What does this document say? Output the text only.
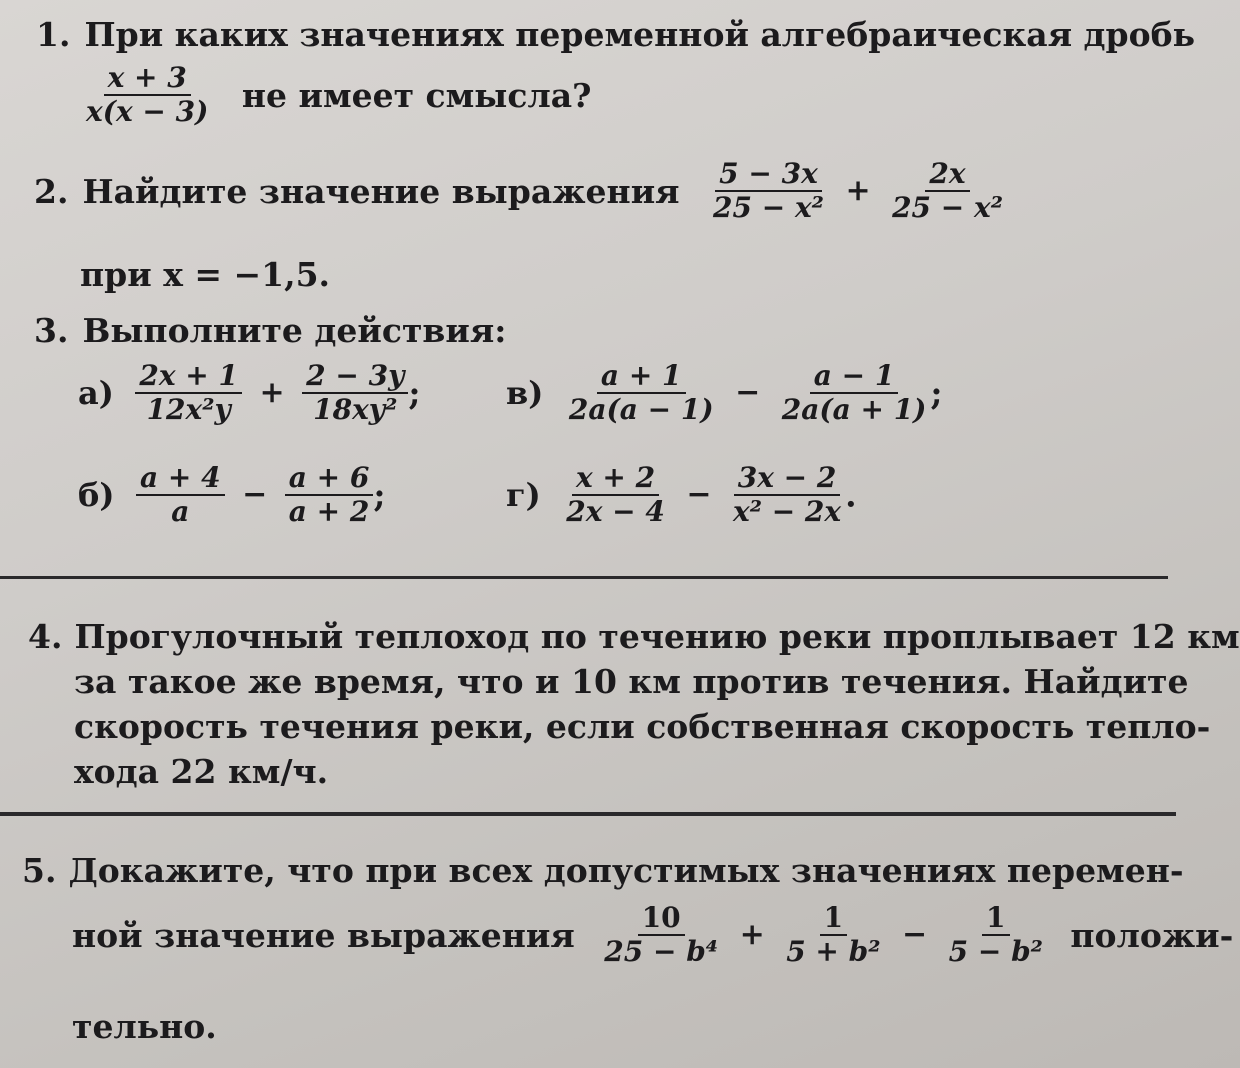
1. При каких значениях переменной алгебраическая дробь
$\frac{x + 3}{x(x - 3)}$ не имеет смысла?
2. Найдите значение выражения $\frac{5 - 3x}{\text{25 − x²}} + \frac{2x}{\text{25 − x²}}$
при x = −1,5.
3. Выполните действия:
$а) \frac{2x + 1}{\text{12x²y}} + \frac{2 - 3y}{\text{18xy²}}$ ;	$в) \frac{a + 1}{2a(a - 1)} - \frac{a - 1}{2a(a + 1)}$ ;
$б) \frac{a + 4}{a} - \frac{a + 6}{a + 2}$ ;	$г) \frac{x + 2}{2x - 4} - \frac{3x - 2}{\text{x² − 2x}}$ .
4. Прогулочный теплоход по течению реки проплывает 12 км
за такое же время, что и 10 км против течения. Найдите
скорость течения реки, если собственная скорость тепло-
хода 22 км/ч.
5. Докажите, что при всех допустимых значениях перемен-
ной значение выражения $\frac{10}{\text{25 − b⁴}} + \frac{1}{\text{5 + b²}} - \frac{1}{\text{5 − b²}}$ положи-
тельно.
